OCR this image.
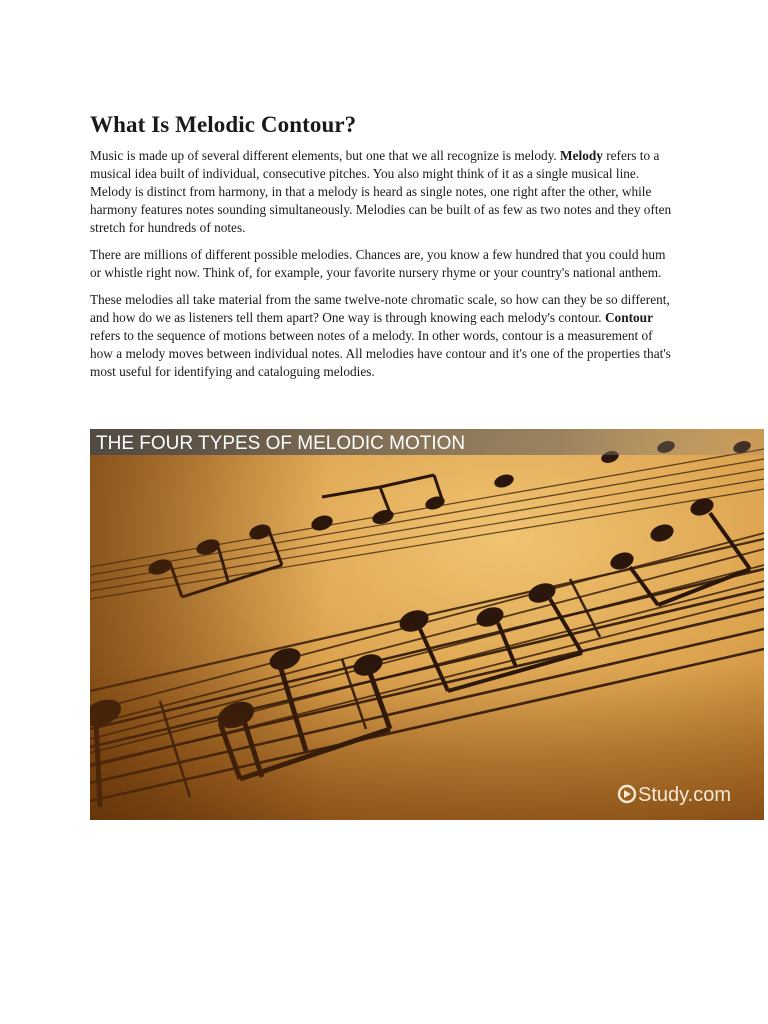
What Is Melodic Contour?

Music is made up of several different elements, but one that we all recognize is melody. Melody refers to a musical idea built of individual, consecutive pitches. You also might think of it as a single musical line. Melody is distinct from harmony, in that a melody is heard as single notes, one right after the other, while harmony features notes sounding simultaneously. Melodies can be built of as few as two notes and they often stretch for hundreds of notes.

There are millions of different possible melodies. Chances are, you know a few hundred that you could hum or whistle right now. Think of, for example, your favorite nursery rhyme or your country's national anthem.

These melodies all take material from the same twelve-note chromatic scale, so how can they be so different, and how do we as listeners tell them apart? One way is through knowing each melody's contour. Contour refers to the sequence of motions between notes of a melody. In other words, contour is a measurement of how a melody moves between individual notes. All melodies have contour and it's one of the properties that's most useful for identifying and cataloguing melodies.

THE FOUR TYPES OF MELODIC MOTION
Study.com
